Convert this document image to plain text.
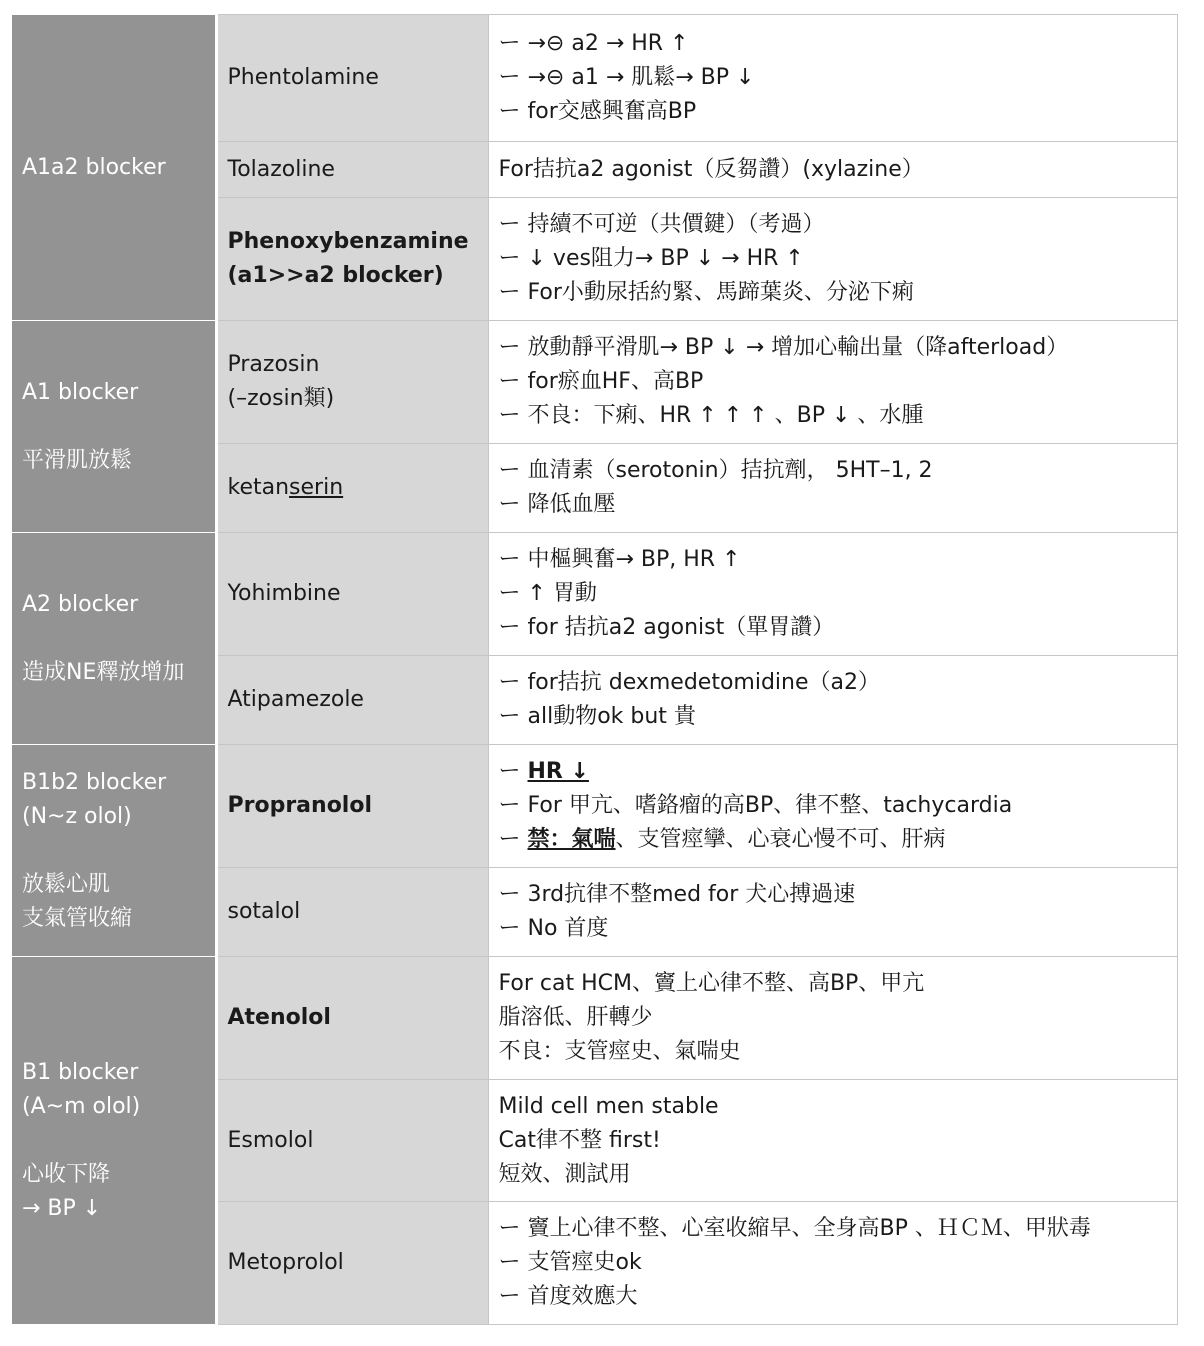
A1a2 blocker	Phentolamine	ー →⊖ a2 → HR ↑
ー →⊖ a1 → 肌鬆→ BP ↓
ー for交感興奮高BP

	Tolazoline	For拮抗a2 agonist（反芻讚）(xylazine）

	Phenoxybenzamine
(a1>>a2 blocker)	ー 持續不可逆（共價鍵）（考過）
ー ↓ ves阻力→ BP ↓ → HR ↑
ー For小動尿括約緊、馬蹄葉炎、分泌下痢

A1 blocker
平滑肌放鬆	Prazosin
(–zosin類)	ー 放動靜平滑肌→ BP ↓ → 增加心輸出量（降afterload）
ー for瘀血HF、高BP
ー 不良：下痢、HR ↑ ↑ ↑ 、BP ↓ 、水腫

	ketanserin	ー 血清素（serotonin）拮抗劑， 5HT–1, 2
ー 降低血壓

A2 blocker
造成NE釋放增加	Yohimbine	ー 中樞興奮→ BP, HR ↑
ー ↑ 胃動
ー for 拮抗a2 agonist（單胃讚）

	Atipamezole	ー for拮抗 dexmedetomidine（a2）
ー all動物ok but 貴

B1b2 blocker
(N~z olol)
放鬆心肌
支氣管收縮	Propranolol	ー HR ↓
ー For 甲亢、嗜鉻瘤的高BP、律不整、tachycardia
ー 禁：氣喘、支管痙攣、心衰心慢不可、肝病

	sotalol	ー 3rd抗律不整med for 犬心搏過速
ー No 首度

B1 blocker
(A~m olol)
心收下降
→ BP ↓	Atenolol	For cat HCM、竇上心律不整、高BP、甲亢
脂溶低、肝轉少
不良：支管痙史、氣喘史

	Esmolol	Mild cell men stable
Cat律不整 first!
短效、測試用

	Metoprolol	ー 竇上心律不整、心室收縮早、全身高BP 、ＨＣＭ、甲狀毒
ー 支管痙史ok
ー 首度效應大
